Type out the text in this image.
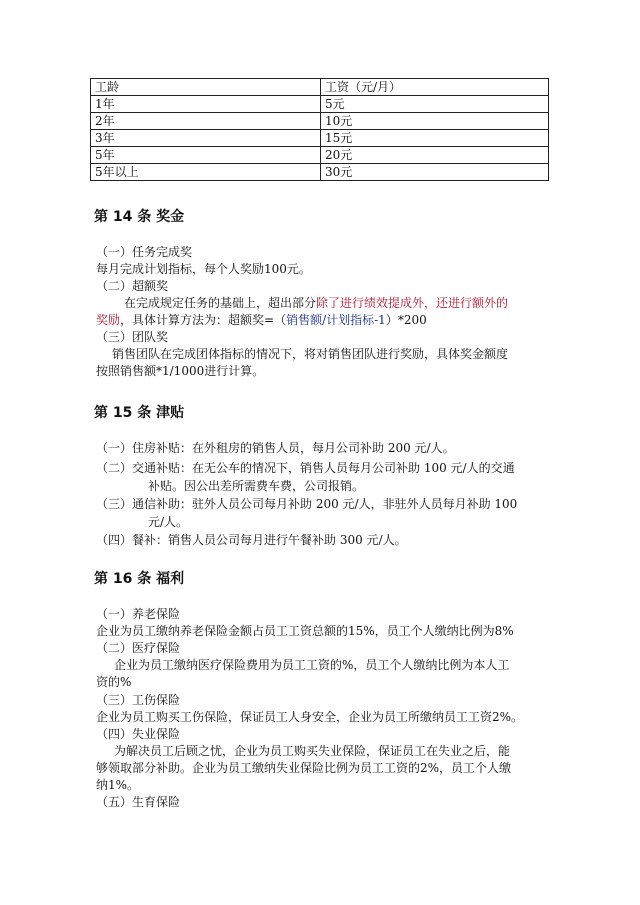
工龄	工资（元/月）
1年	5元
2年	10元
3年	15元
5年	20元
5年以上	30元
第 14 条 奖金
（一）任务完成奖
每月完成计划指标，每个人奖励100元。
（二）超额奖
在完成规定任务的基础上，超出部分除了进行绩效提成外，还进行额外的
奖励，具体计算方法为：超额奖=（销售额/计划指标-1）*200
（三）团队奖
销售团队在完成团体指标的情况下，将对销售团队进行奖励，具体奖金额度
按照销售额*1/1000进行计算。
第 15 条 津贴
（一）住房补贴：在外租房的销售人员，每月公司补助 200 元/人。
（二）交通补贴：在无公车的情况下，销售人员每月公司补助 100 元/人的交通
补贴。因公出差所需费车费，公司报销。
（三）通信补助：驻外人员公司每月补助 200 元/人，非驻外人员每月补助 100
元/人。
（四）餐补：销售人员公司每月进行午餐补助 300 元/人。
第 16 条 福利
（一）养老保险
企业为员工缴纳养老保险金额占员工工资总额的15%，员工个人缴纳比例为8%
（二）医疗保险
企业为员工缴纳医疗保险费用为员工工资的%，员工个人缴纳比例为本人工
资的%
（三）工伤保险
企业为员工购买工伤保险，保证员工人身安全，企业为员工所缴纳员工工资2%。
（四）失业保险
为解决员工后顾之忧，企业为员工购买失业保险，保证员工在失业之后，能
够领取部分补助。企业为员工缴纳失业保险比例为员工工资的2%，员工个人缴
纳1%。
（五）生育保险
